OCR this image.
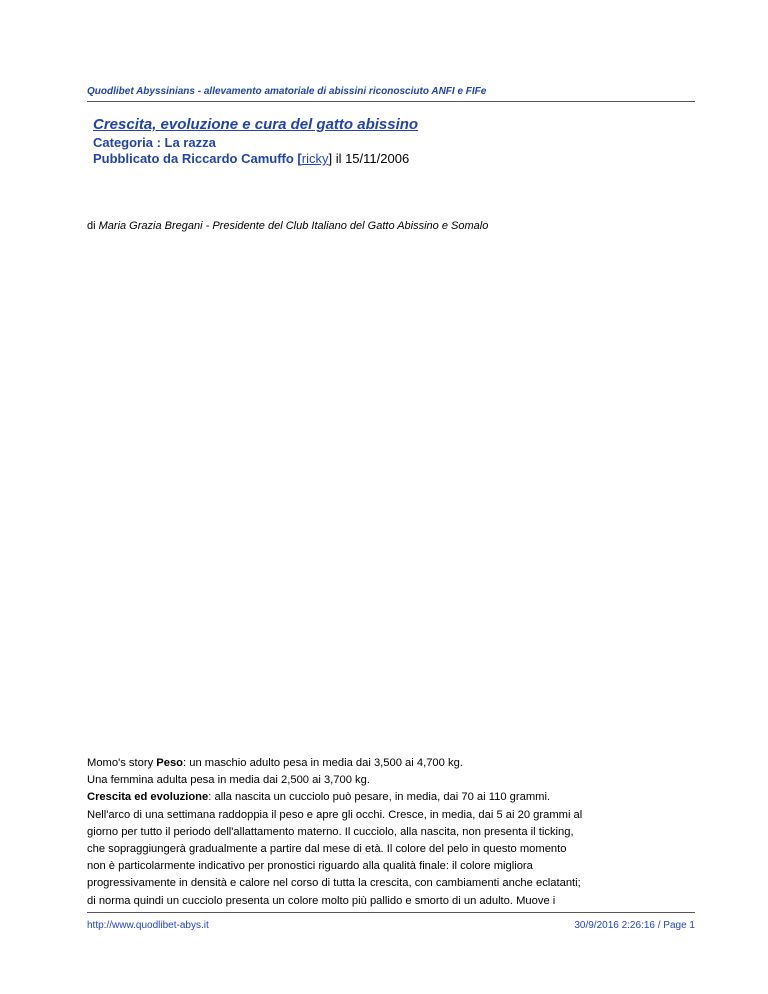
Quodlibet Abyssinians - allevamento amatoriale di abissini riconosciuto ANFI e FIFe
Crescita, evoluzione e cura del gatto abissino
Categoria : La razza
Pubblicato da Riccardo Camuffo [ricky] il 15/11/2006
di Maria Grazia Bregani - Presidente del Club Italiano del Gatto Abissino e Somalo
Momo's story Peso: un maschio adulto pesa in media dai 3,500 ai 4,700 kg.
Una femmina adulta pesa in media dai 2,500 ai 3,700 kg.
Crescita ed evoluzione: alla nascita un cucciolo può pesare, in media, dai 70 ai 110 grammi.
Nell'arco di una settimana raddoppia il peso e apre gli occhi. Cresce, in media, dai 5 ai 20 grammi al
giorno per tutto il periodo dell'allattamento materno. Il cucciolo, alla nascita, non presenta il ticking,
che sopraggiungerà gradualmente a partire dal mese di età. Il colore del pelo in questo momento
non è particolarmente indicativo per pronostici riguardo alla qualità finale: il colore migliora
progressivamente in densità e calore nel corso di tutta la crescita, con cambiamenti anche eclatanti;
di norma quindi un cucciolo presenta un colore molto più pallido e smorto di un adulto. Muove i
http://www.quodlibet-abys.it	30/9/2016 2:26:16 / Page 1
